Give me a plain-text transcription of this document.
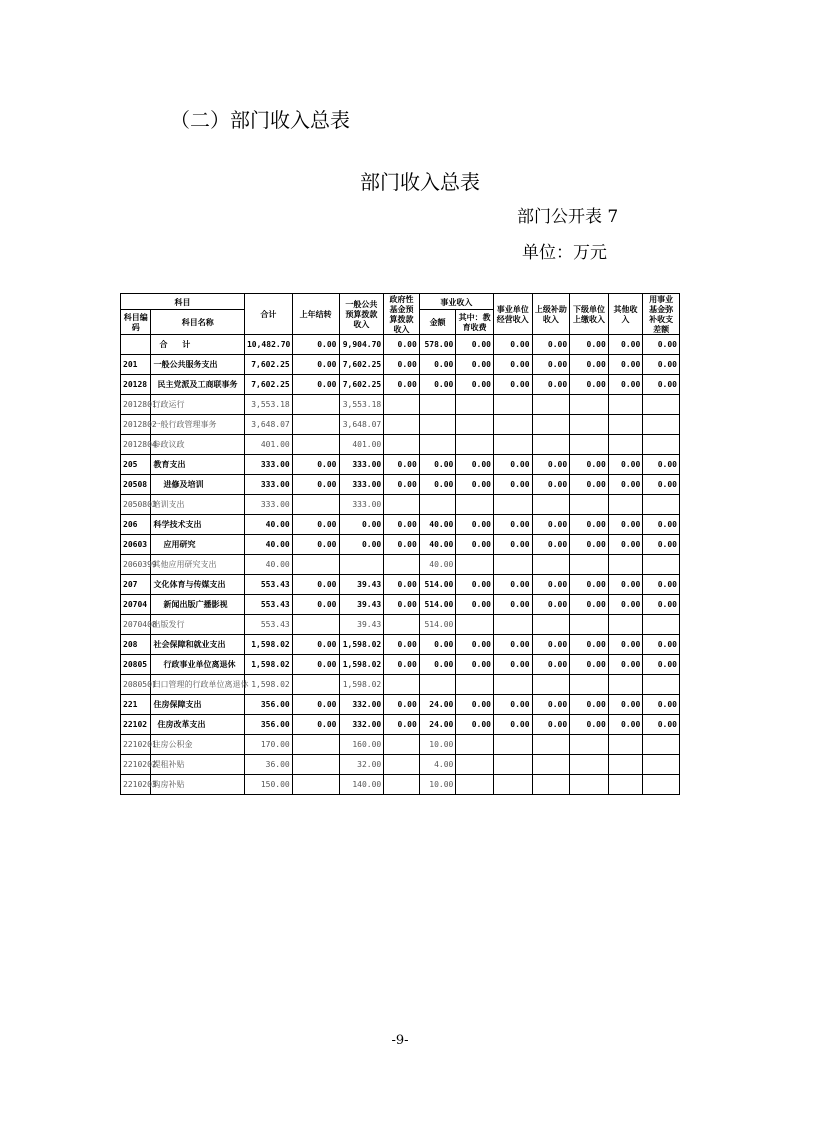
（二）部门收入总表
部门收入总表
部门公开表 7
单位：万元
科目		合计	上年结转	一般公共预算拨款收入	政府性基金预算拨款收入	事业收入		事业单位经营收入	上级补助收入	下级单位上缴收入	其他收入	用事业基金弥补收支差额
科目编码	科目名称					金额	其中：教育收费					
	合 计	10,482.70	0.00	9,904.70	0.00	578.00	0.00	0.00	0.00	0.00	0.00	0.00
201	一般公共服务支出	7,602.25	0.00	7,602.25	0.00	0.00	0.00	0.00	0.00	0.00	0.00	0.00
20128	民主党派及工商联事务	7,602.25	0.00	7,602.25	0.00	0.00	0.00	0.00	0.00	0.00	0.00	0.00
2012801	行政运行	3,553.18		3,553.18								
2012802	一般行政管理事务	3,648.07		3,648.07								
2012804	参政议政	401.00		401.00								
205	教育支出	333.00	0.00	333.00	0.00	0.00	0.00	0.00	0.00	0.00	0.00	0.00
20508	进修及培训	333.00	0.00	333.00	0.00	0.00	0.00	0.00	0.00	0.00	0.00	0.00
2050803	培训支出	333.00		333.00								
206	科学技术支出	40.00	0.00	0.00	0.00	40.00	0.00	0.00	0.00	0.00	0.00	0.00
20603	应用研究	40.00	0.00	0.00	0.00	40.00	0.00	0.00	0.00	0.00	0.00	0.00
2060399	其他应用研究支出	40.00				40.00						
207	文化体育与传媒支出	553.43	0.00	39.43	0.00	514.00	0.00	0.00	0.00	0.00	0.00	0.00
20704	新闻出版广播影视	553.43	0.00	39.43	0.00	514.00	0.00	0.00	0.00	0.00	0.00	0.00
2070408	出版发行	553.43		39.43		514.00						
208	社会保障和就业支出	1,598.02	0.00	1,598.02	0.00	0.00	0.00	0.00	0.00	0.00	0.00	0.00
20805	行政事业单位离退休	1,598.02	0.00	1,598.02	0.00	0.00	0.00	0.00	0.00	0.00	0.00	0.00
2080501	归口管理的行政单位离退休	1,598.02		1,598.02								
221	住房保障支出	356.00	0.00	332.00	0.00	24.00	0.00	0.00	0.00	0.00	0.00	0.00
22102	住房改革支出	356.00	0.00	332.00	0.00	24.00	0.00	0.00	0.00	0.00	0.00	0.00
2210201	住房公积金	170.00		160.00		10.00						
2210202	提租补贴	36.00		32.00		4.00						
2210203	购房补贴	150.00		140.00		10.00						
-9-
